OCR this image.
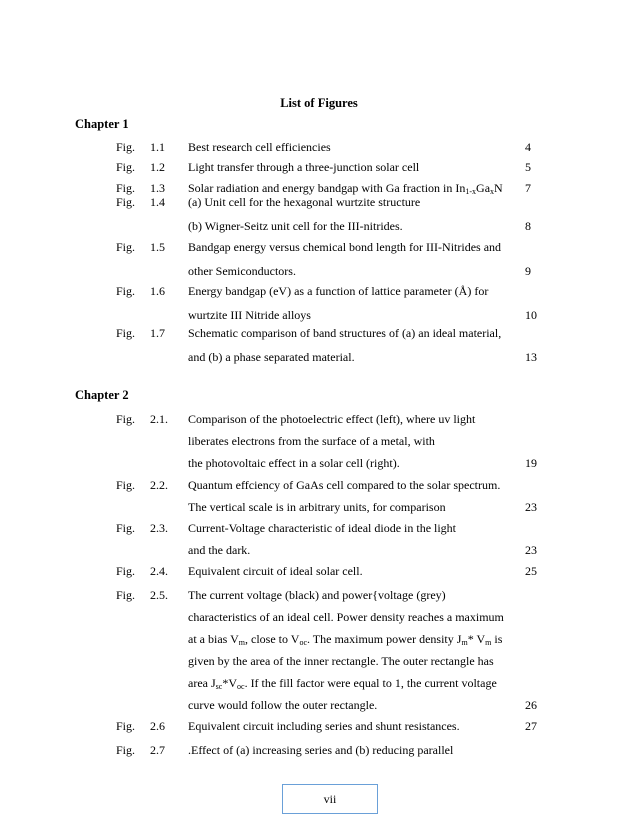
List of Figures
Chapter 1
Fig. 1.1 Best research cell efficiencies	4
Fig. 1.2 Light transfer through a three-junction solar cell	5
Fig. 1.3 Solar radiation and energy bandgap with Ga fraction in $In_{1-x}Ga_xN$ 7
Fig. 1.4 (a) Unit cell for the hexagonal wurtzite structure
(b) Wigner-Seitz unit cell for the III-nitrides.	8
Fig. 1.5 Bandgap energy versus chemical bond length for III-Nitrides and
other Semiconductors.	9
Fig. 1.6 Energy bandgap (eV) as a function of lattice parameter (Å) for
wurtzite III Nitride alloys	10
Fig. 1.7 Schematic comparison of band structures of (a) an ideal material,
and (b) a phase separated material.	13
Chapter 2
Fig. 2.1. Comparison of the photoelectric effect (left), where uv light
liberates electrons from the surface of a metal, with
the photovoltaic effect in a solar cell (right).	19
Fig. 2.2. Quantum effciency of GaAs cell compared to the solar spectrum.
The vertical scale is in arbitrary units, for comparison	23
Fig. 2.3. Current-Voltage characteristic of ideal diode in the light
and the dark.	23
Fig. 2.4. Equivalent circuit of ideal solar cell.	25
Fig. 2.5. The current voltage (black) and power{voltage (grey)
characteristics of an ideal cell. Power density reaches a maximum
at a bias $V_m$, close to $V_{oc}$. The maximum power density $J_m*$ $V_m$ is
given by the area of the inner rectangle. The outer rectangle has
area $J_{sc}*V_{oc}$. If the fill factor were equal to 1, the current voltage
curve would follow the outer rectangle.	26
Fig. 2.6 Equivalent circuit including series and shunt resistances.	27
Fig. 2.7 .Effect of (a) increasing series and (b) reducing parallel
vii
